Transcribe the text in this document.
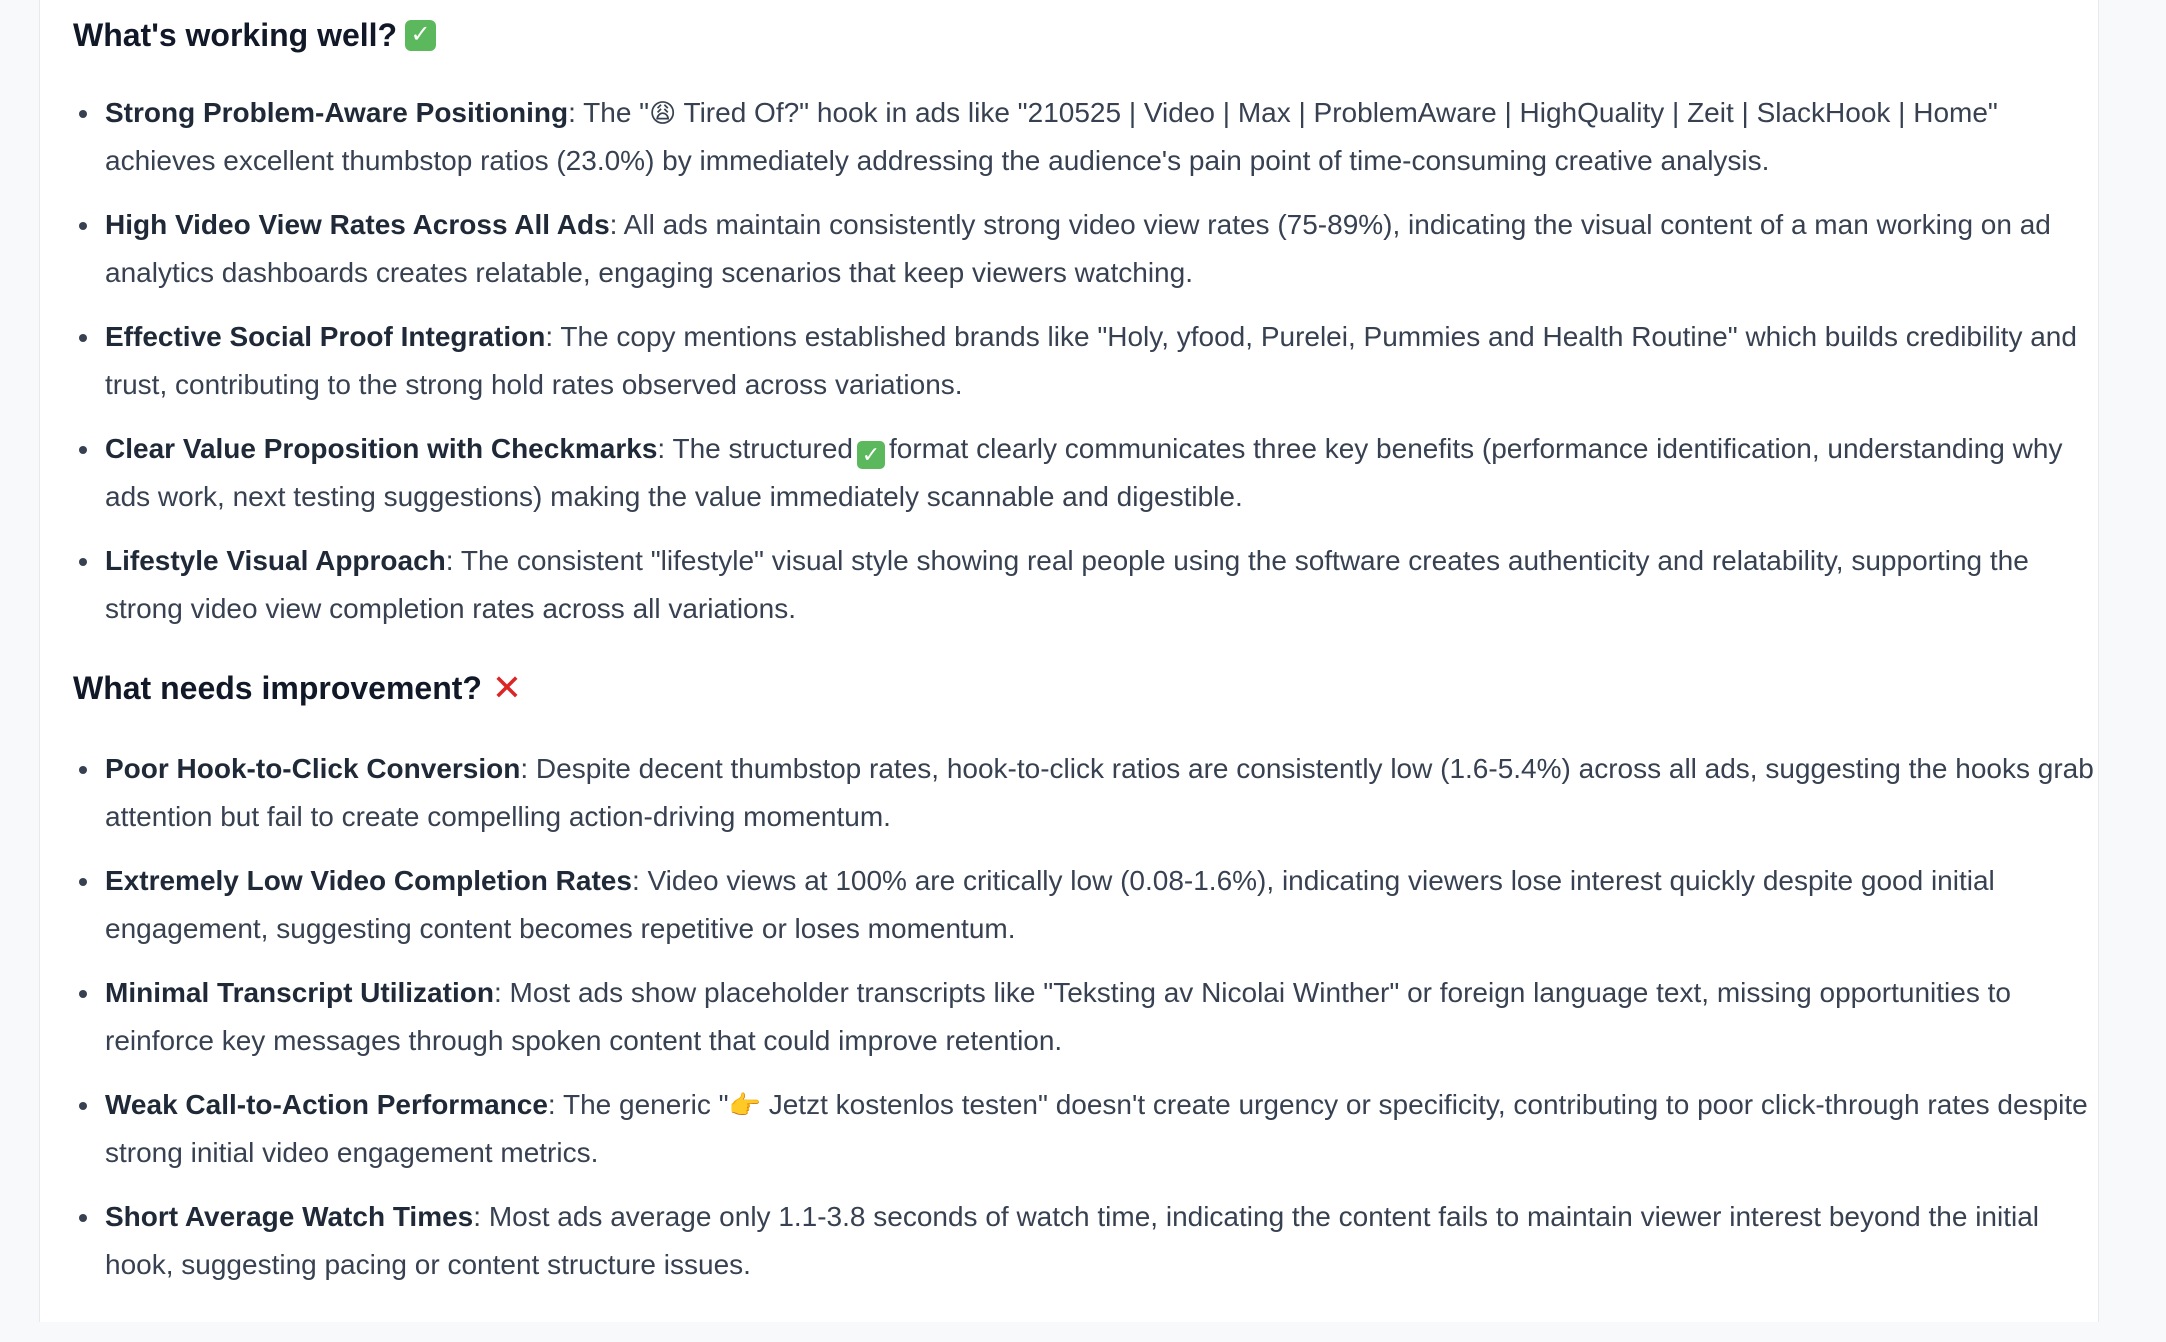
What's working well? ✓
Strong Problem-Aware Positioning: The "😩 Tired Of?" hook in ads like "210525 | Video | Max | ProblemAware | HighQuality | Zeit | SlackHook | Home" achieves excellent thumbstop ratios (23.0%) by immediately addressing the audience's pain point of time-consuming creative analysis.
High Video View Rates Across All Ads: All ads maintain consistently strong video view rates (75-89%), indicating the visual content of a man working on ad analytics dashboards creates relatable, engaging scenarios that keep viewers watching.
Effective Social Proof Integration: The copy mentions established brands like "Holy, yfood, Purelei, Pummies and Health Routine" which builds credibility and trust, contributing to the strong hold rates observed across variations.
Clear Value Proposition with Checkmarks: The structured ✓ format clearly communicates three key benefits (performance identification, understanding why ads work, next testing suggestions) making the value immediately scannable and digestible.
Lifestyle Visual Approach: The consistent "lifestyle" visual style showing real people using the software creates authenticity and relatability, supporting the strong video view completion rates across all variations.
What needs improvement? ✕
Poor Hook-to-Click Conversion: Despite decent thumbstop rates, hook-to-click ratios are consistently low (1.6-5.4%) across all ads, suggesting the hooks grab attention but fail to create compelling action-driving momentum.
Extremely Low Video Completion Rates: Video views at 100% are critically low (0.08-1.6%), indicating viewers lose interest quickly despite good initial engagement, suggesting content becomes repetitive or loses momentum.
Minimal Transcript Utilization: Most ads show placeholder transcripts like "Teksting av Nicolai Winther" or foreign language text, missing opportunities to reinforce key messages through spoken content that could improve retention.
Weak Call-to-Action Performance: The generic "👉 Jetzt kostenlos testen" doesn't create urgency or specificity, contributing to poor click-through rates despite strong initial video engagement metrics.
Short Average Watch Times: Most ads average only 1.1-3.8 seconds of watch time, indicating the content fails to maintain viewer interest beyond the initial hook, suggesting pacing or content structure issues.
